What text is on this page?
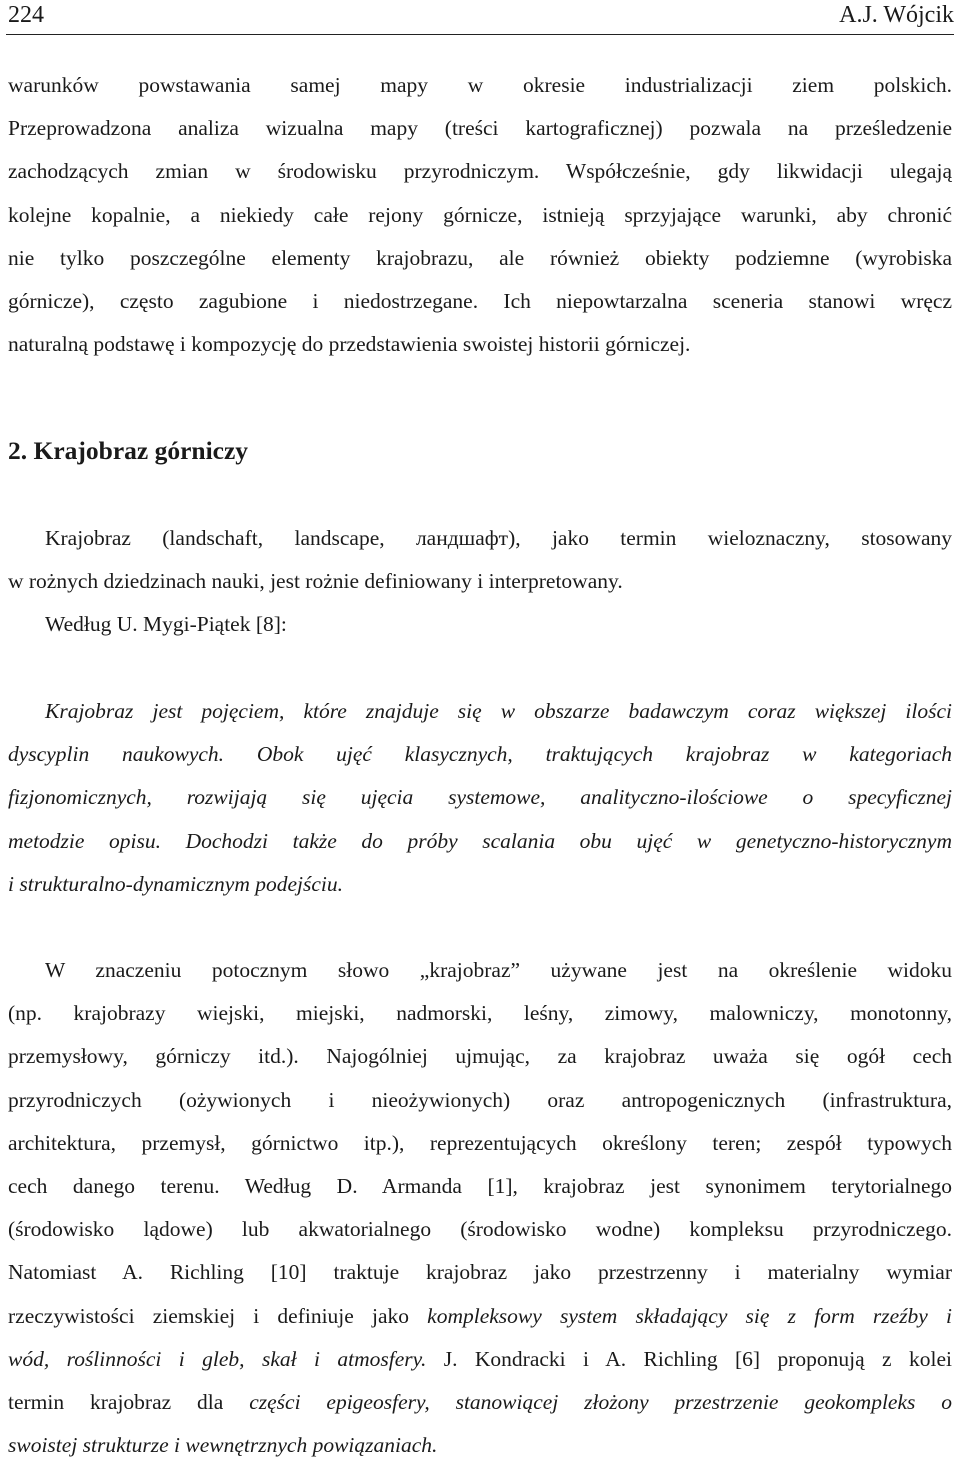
224	A.J. Wójcik
warunków powstawania samej mapy w okresie industrializacji ziem polskich.
Przeprowadzona analiza wizualna mapy (treści kartograficznej) pozwala na prześledzenie
zachodzących zmian w środowisku przyrodniczym. Współcześnie, gdy likwidacji ulegają
kolejne kopalnie, a niekiedy całe rejony górnicze, istnieją sprzyjające warunki, aby chronić
nie tylko poszczególne elementy krajobrazu, ale również obiekty podziemne (wyrobiska
górnicze), często zagubione i niedostrzegane. Ich niepowtarzalna sceneria stanowi wręcz
naturalną podstawę i kompozycję do przedstawienia swoistej historii górniczej.
2. Krajobraz górniczy
Krajobraz (landschaft, landscape, ландшафт), jako termin wieloznaczny, stosowany
w rożnych dziedzinach nauki, jest rożnie definiowany i interpretowany.
Według U. Mygi-Piątek [8]:
Krajobraz jest pojęciem, które znajduje się w obszarze badawczym coraz większej ilości
dyscyplin naukowych. Obok ujęć klasycznych, traktujących krajobraz w kategoriach
fizjonomicznych, rozwijają się ujęcia systemowe, analityczno-ilościowe o specyficznej
metodzie opisu. Dochodzi także do próby scalania obu ujęć w genetyczno-historycznym
i strukturalno-dynamicznym podejściu.
W znaczeniu potocznym słowo „krajobraz” używane jest na określenie widoku
(np. krajobrazy wiejski, miejski, nadmorski, leśny, zimowy, malowniczy, monotonny,
przemysłowy, górniczy itd.). Najogólniej ujmując, za krajobraz uważa się ogół cech
przyrodniczych (ożywionych i nieożywionych) oraz antropogenicznych (infrastruktura,
architektura, przemysł, górnictwo itp.), reprezentujących określony teren; zespół typowych
cech danego terenu. Według D. Armanda [1], krajobraz jest synonimem terytorialnego
(środowisko lądowe) lub akwatorialnego (środowisko wodne) kompleksu przyrodniczego.
Natomiast A. Richling [10] traktuje krajobraz jako przestrzenny i materialny wymiar
rzeczywistości ziemskiej i definiuje jako kompleksowy system składający się z form rzeźby i
wód, roślinności i gleb, skał i atmosfery. J. Kondracki i A. Richling [6] proponują z kolei
termin krajobraz dla części epigeosfery, stanowiącej złożony przestrzenie geokompleks o
swoistej strukturze i wewnętrznych powiązaniach.
